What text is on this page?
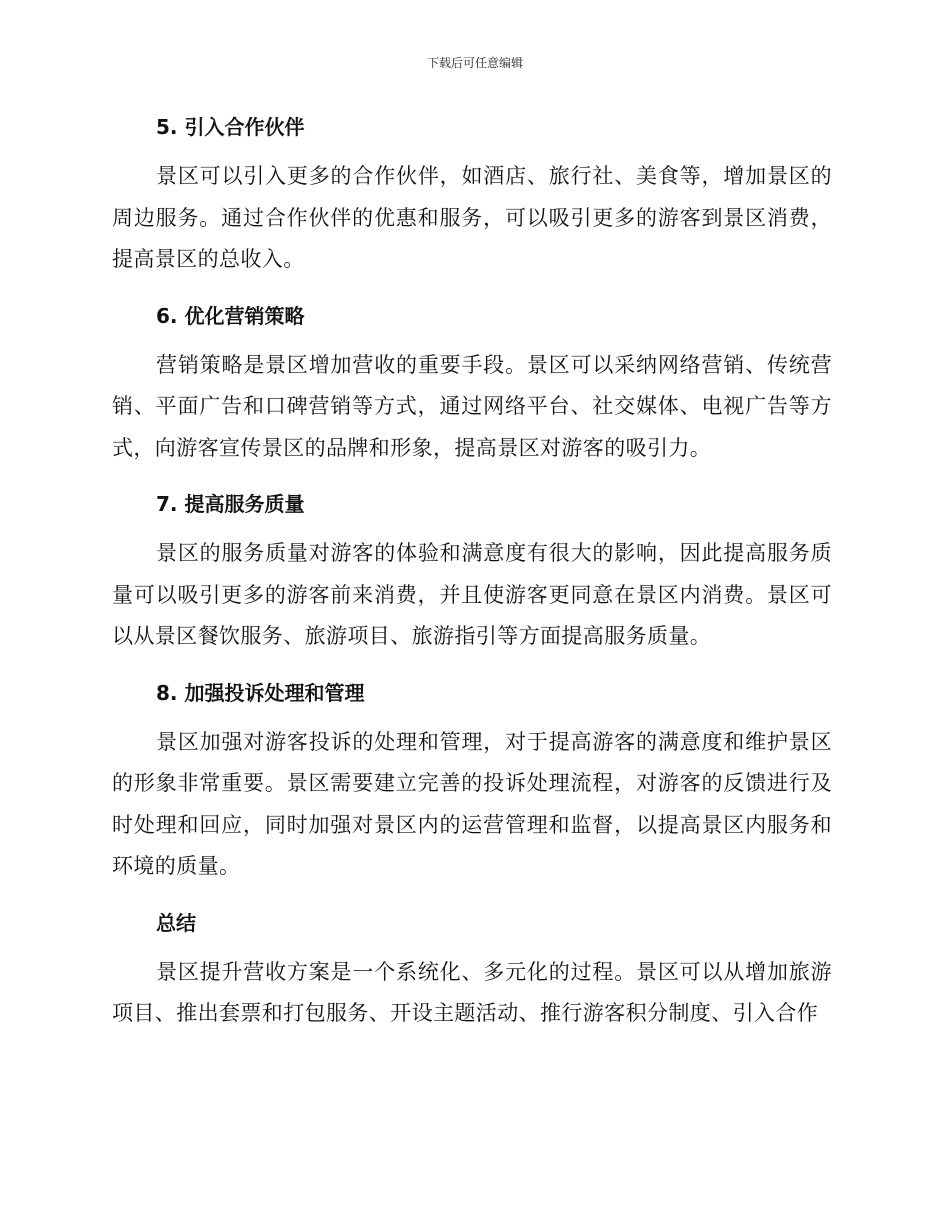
下载后可任意编辑
5. 引入合作伙伴

景区可以引入更多的合作伙伴，如酒店、旅行社、美食等，增加景区的周边服务。通过合作伙伴的优惠和服务，可以吸引更多的游客到景区消费，提高景区的总收入。

6. 优化营销策略

营销策略是景区增加营收的重要手段。景区可以采纳网络营销、传统营销、平面广告和口碑营销等方式，通过网络平台、社交媒体、电视广告等方式，向游客宣传景区的品牌和形象，提高景区对游客的吸引力。

7. 提高服务质量

景区的服务质量对游客的体验和满意度有很大的影响，因此提高服务质量可以吸引更多的游客前来消费，并且使游客更同意在景区内消费。景区可以从景区餐饮服务、旅游项目、旅游指引等方面提高服务质量。

8. 加强投诉处理和管理

景区加强对游客投诉的处理和管理，对于提高游客的满意度和维护景区的形象非常重要。景区需要建立完善的投诉处理流程，对游客的反馈进行及时处理和回应，同时加强对景区内的运营管理和监督，以提高景区内服务和环境的质量。

总结

景区提升营收方案是一个系统化、多元化的过程。景区可以从增加旅游项目、推出套票和打包服务、开设主题活动、推行游客积分制度、引入合作
